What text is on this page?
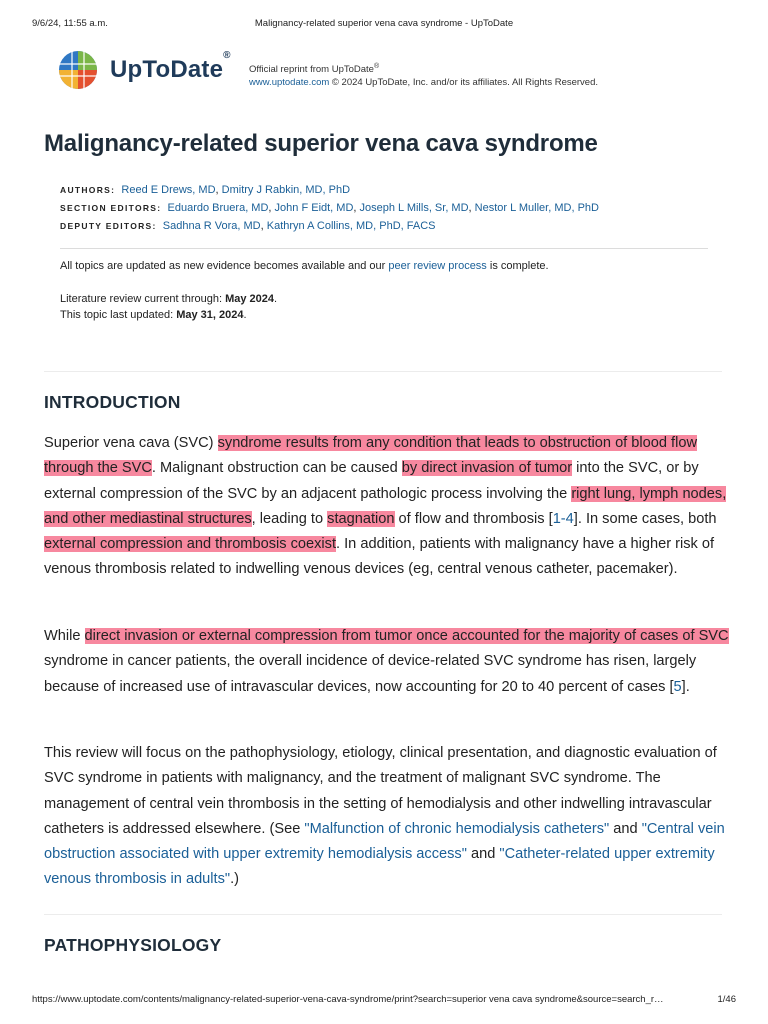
9/6/24, 11:55 a.m.	Malignancy-related superior vena cava syndrome - UpToDate
UpToDate®
Official reprint from UpToDate®
www.uptodate.com © 2024 UpToDate, Inc. and/or its affiliates. All Rights Reserved.
Malignancy-related superior vena cava syndrome
AUTHORS: Reed E Drews, MD, Dmitry J Rabkin, MD, PhD
SECTION EDITORS: Eduardo Bruera, MD, John F Eidt, MD, Joseph L Mills, Sr, MD, Nestor L Muller, MD, PhD
DEPUTY EDITORS: Sadhna R Vora, MD, Kathryn A Collins, MD, PhD, FACS
All topics are updated as new evidence becomes available and our peer review process is complete.
Literature review current through: May 2024.
This topic last updated: May 31, 2024.
INTRODUCTION
Superior vena cava (SVC) syndrome results from any condition that leads to obstruction of blood flow through the SVC. Malignant obstruction can be caused by direct invasion of tumor into the SVC, or by external compression of the SVC by an adjacent pathologic process involving the right lung, lymph nodes, and other mediastinal structures, leading to stagnation of flow and thrombosis [1-4]. In some cases, both external compression and thrombosis coexist. In addition, patients with malignancy have a higher risk of venous thrombosis related to indwelling venous devices (eg, central venous catheter, pacemaker).
While direct invasion or external compression from tumor once accounted for the majority of cases of SVC syndrome in cancer patients, the overall incidence of device-related SVC syndrome has risen, largely because of increased use of intravascular devices, now accounting for 20 to 40 percent of cases [5].
This review will focus on the pathophysiology, etiology, clinical presentation, and diagnostic evaluation of SVC syndrome in patients with malignancy, and the treatment of malignant SVC syndrome. The management of central vein thrombosis in the setting of hemodialysis and other indwelling intravascular catheters is addressed elsewhere. (See "Malfunction of chronic hemodialysis catheters" and "Central vein obstruction associated with upper extremity hemodialysis access" and "Catheter-related upper extremity venous thrombosis in adults".)
PATHOPHYSIOLOGY
https://www.uptodate.com/contents/malignancy-related-superior-vena-cava-syndrome/print?search=superior vena cava syndrome&source=search_r…	1/46
